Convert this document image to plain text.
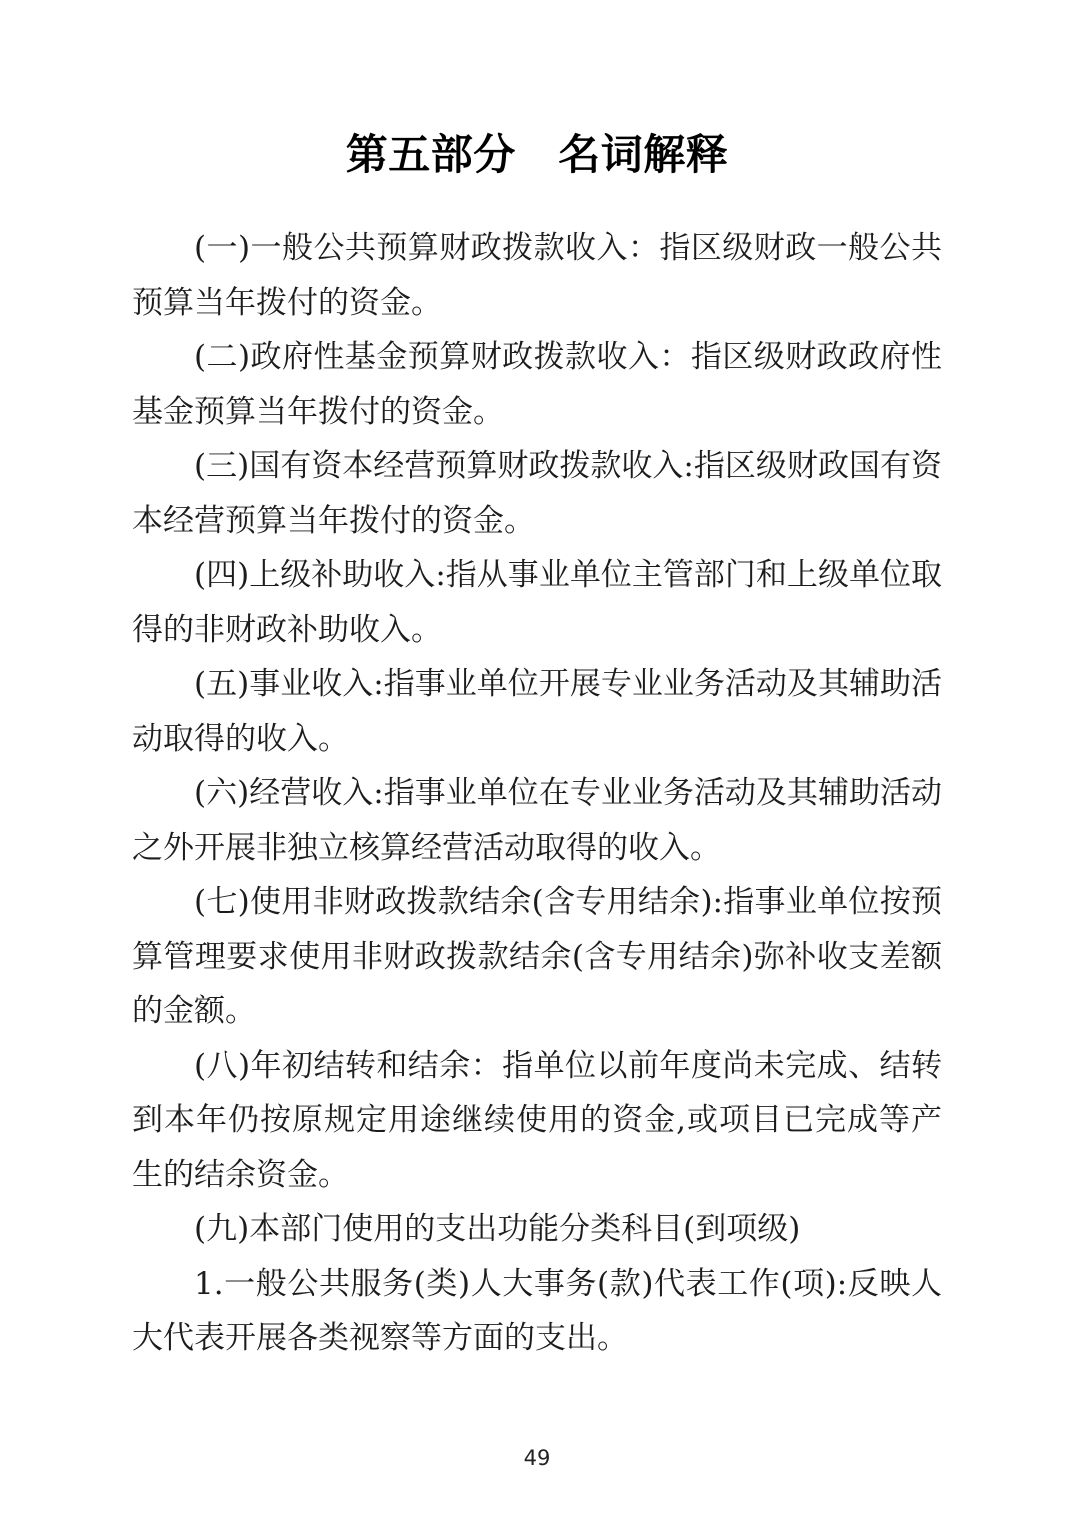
第五部分　名词解释

(一)一般公共预算财政拨款收入：指区级财政一般公共预算当年拨付的资金。

(二)政府性基金预算财政拨款收入：指区级财政政府性基金预算当年拨付的资金。

(三)国有资本经营预算财政拨款收入:指区级财政国有资本经营预算当年拨付的资金。

(四)上级补助收入:指从事业单位主管部门和上级单位取得的非财政补助收入。

(五)事业收入:指事业单位开展专业业务活动及其辅助活动取得的收入。

(六)经营收入:指事业单位在专业业务活动及其辅助活动之外开展非独立核算经营活动取得的收入。

(七)使用非财政拨款结余(含专用结余):指事业单位按预算管理要求使用非财政拨款结余(含专用结余)弥补收支差额的金额。

(八)年初结转和结余：指单位以前年度尚未完成、结转到本年仍按原规定用途继续使用的资金,或项目已完成等产生的结余资金。

(九)本部门使用的支出功能分类科目(到项级)

1.一般公共服务(类)人大事务(款)代表工作(项):反映人大代表开展各类视察等方面的支出。

49
